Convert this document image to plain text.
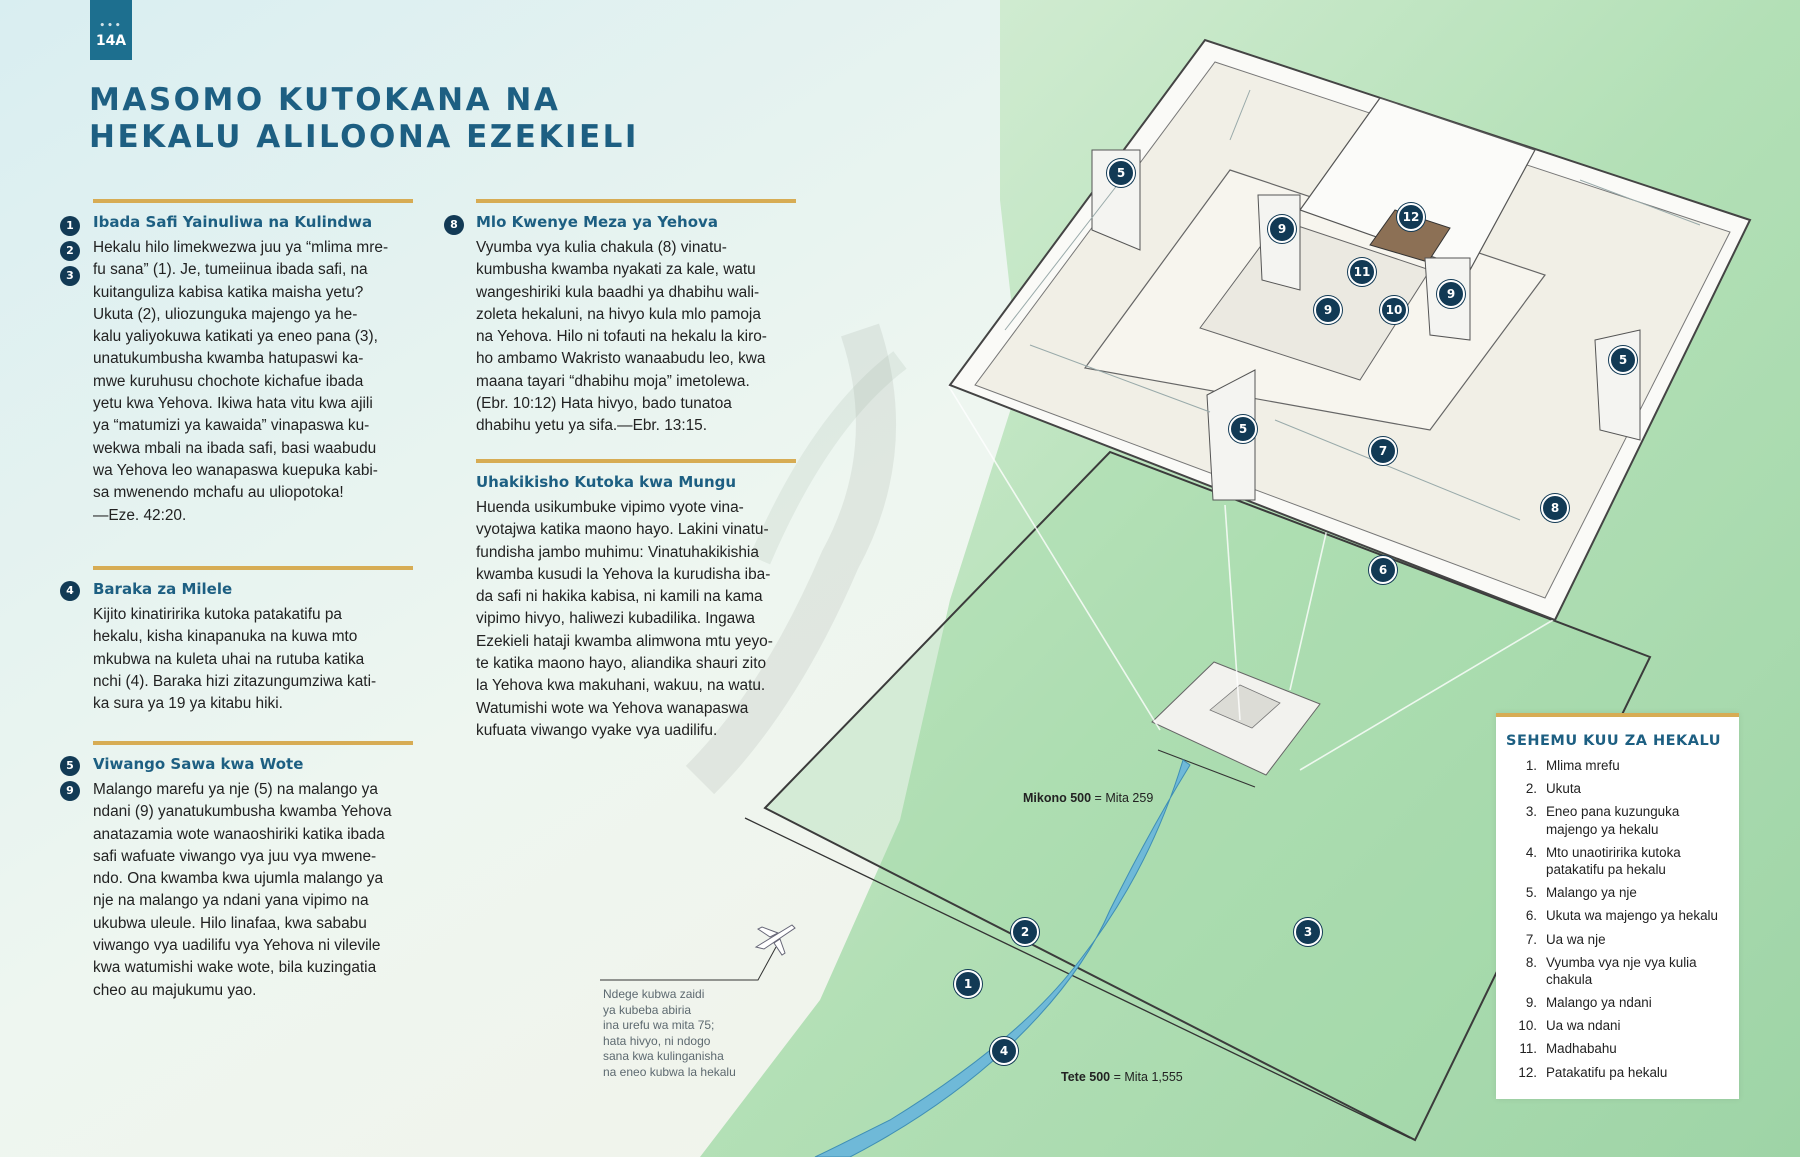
•••
14A
MASOMO KUTOKANA NA
HEKALU ALILOONA EZEKIELI
Ibada Safi Yainuliwa na Kulindwa

Hekalu hilo limekwezwa juu ya “mlima mre-
fu sana” (1). Je, tumeiinua ibada safi, na
kuitanguliza kabisa katika maisha yetu?

Ukuta (2), uliozunguka majengo ya he-
kalu yaliyokuwa katikati ya eneo pana (3),
unatukumbusha kwamba hatupaswi ka-
mwe kuruhusu chochote kichafue ibada
yetu kwa Yehova. Ikiwa hata vitu kwa ajili
ya “matumizi ya kawaida” vinapaswa ku-
wekwa mbali na ibada safi, basi waabudu
wa Yehova leo wanapaswa kuepuka kabi-
sa mwenendo mchafu au uliopotoka!
—Eze. 42:20.

1
2
3
Baraka za Milele

Kijito kinatiririka kutoka patakatifu pa
hekalu, kisha kinapanuka na kuwa mto
mkubwa na kuleta uhai na rutuba katika
nchi (4). Baraka hizi zitazungumziwa kati-
ka sura ya 19 ya kitabu hiki.

4
Viwango Sawa kwa Wote

Malango marefu ya nje (5) na malango ya
ndani (9) yanatukumbusha kwamba Yehova
anatazamia wote wanaoshiriki katika ibada
safi wafuate viwango vya juu vya mwene-
ndo. Ona kwamba kwa ujumla malango ya
nje na malango ya ndani yana vipimo na
ukubwa uleule. Hilo linafaa, kwa sababu
viwango vya uadilifu vya Yehova ni vilevile
kwa watumishi wake wote, bila kuzingatia
cheo au majukumu yao.

5
9
Mlo Kwenye Meza ya Yehova

Vyumba vya kulia chakula (8) vinatu-
kumbusha kwamba nyakati za kale, watu
wangeshiriki kula baadhi ya dhabihu wali-
zoleta hekaluni, na hivyo kula mlo pamoja
na Yehova. Hilo ni tofauti na hekalu la kiro-
ho ambamo Wakristo wanaabudu leo, kwa
maana tayari “dhabihu moja” imetolewa.
(Ebr. 10:12) Hata hivyo, bado tunatoa
dhabihu yetu ya sifa.—Ebr. 13:15.

8
Uhakikisho Kutoka kwa Mungu

Huenda usikumbuke vipimo vyote vina-
vyotajwa katika maono hayo. Lakini vinatu-
fundisha jambo muhimu: Vinatuhakikishia
kwamba kusudi la Yehova la kurudisha iba-
da safi ni hakika kabisa, ni kamili na kama
vipimo hivyo, haliwezi kubadilika. Ingawa
Ezekieli hataji kwamba alimwona mtu yeyo-
te katika maono hayo, aliandika shauri zito
la Yehova kwa makuhani, wakuu, na watu.
Watumishi wote wa Yehova wanapaswa
kufuata viwango vyake vya uadilifu.

5
9
12
11
9	10
9
5
5
7
8
6
2	3
1
4
Mikono 500 = Mita 259
Tete 500 = Mita 1,555
Ndege kubwa zaidi
ya kubeba abiria
ina urefu wa mita 75;
hata hivyo, ni ndogo
sana kwa kulinganisha
na eneo kubwa la hekalu
SEHEMU KUU ZA HEKALU
1. Mlima mrefu
2. Ukuta
3. Eneo pana kuzunguka majengo ya hekalu
4. Mto unaotiririka kutoka patakatifu pa hekalu
5. Malango ya nje
6. Ukuta wa majengo ya hekalu
7. Ua wa nje
8. Vyumba vya nje vya kulia chakula
9. Malango ya ndani
10. Ua wa ndani
11. Madhabahu
12. Patakatifu pa hekalu
